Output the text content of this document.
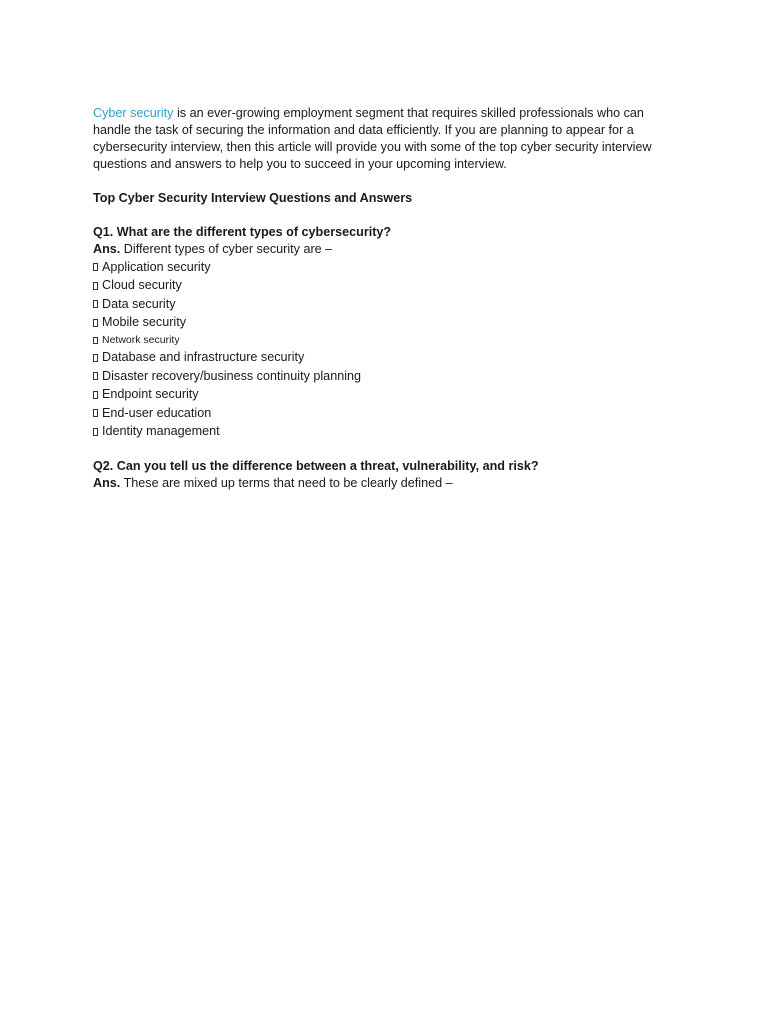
Cyber security is an ever-growing employment segment that requires skilled professionals who can handle the task of securing the information and data efficiently. If you are planning to appear for a cybersecurity interview, then this article will provide you with some of the top cyber security interview questions and answers to help you to succeed in your upcoming interview.

Top Cyber Security Interview Questions and Answers

Q1. What are the different types of cybersecurity?

Ans. Different types of cyber security are –

Application security
Cloud security
Data security
Mobile security
Network security
Database and infrastructure security
Disaster recovery/business continuity planning
Endpoint security
End-user education
Identity management

Q2. Can you tell us the difference between a threat, vulnerability, and risk?

Ans. These are mixed up terms that need to be clearly defined –
